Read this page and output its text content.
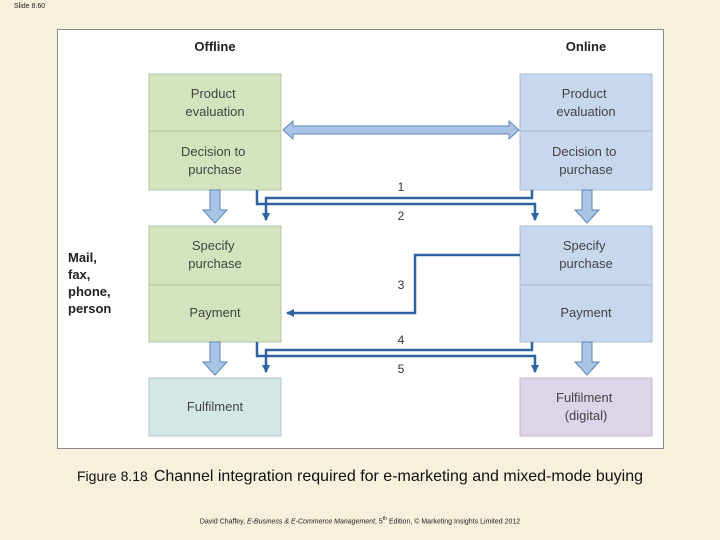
Slide 8.60
Offline	Online
Product evaluation
Decision to purchase
Specify purchase
Payment
Fulfilment
Product evaluation
Decision to purchase
Specify purchase
Payment
Fulfilment (digital)
1
2
3
4
5
Mail, fax, phone, person
Figure 8.18 Channel integration required for e-marketing and mixed-mode buying
David Chaffey, E-Business & E-Commerce Management, 5th Edition, © Marketing Insights Limited 2012
